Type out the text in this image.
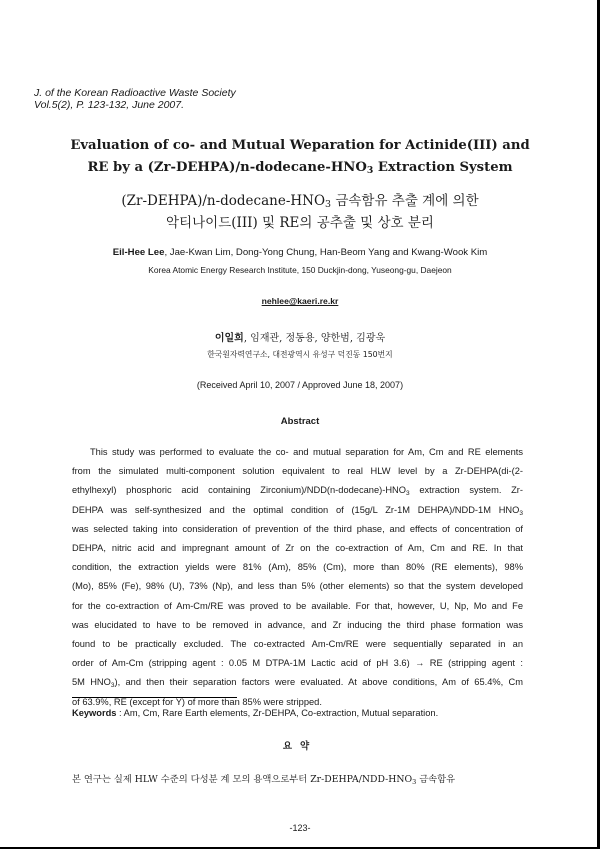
J. of the Korean Radioactive Waste Society
Vol.5(2), P. 123-132, June 2007.
Evaluation of co- and Mutual Weparation for Actinide(III) and
RE by a $(Zr-DEHPA)/n-dodecane-HNO_3$ Extraction System
$(Zr-DEHPA)/n-dodecane-HNO_3$ 금속함유 추출 계에 의한
악티나이드(III) 및 RE의 공추출 및 상호 분리
Eil-Hee Lee, Jae-Kwan Lim, Dong-Yong Chung, Han-Beom Yang and Kwang-Wook Kim
Korea Atomic Energy Research Institute, 150 Duckjin-dong, Yuseong-gu, Daejeon
nehlee@kaeri.re.kr
이일희, 임재관, 정동용, 양한범, 김광욱
한국원자력연구소, 대전광역시 유성구 덕진동 150번지
(Received April 10, 2007 / Approved June 18, 2007)
Abstract
This study was performed to evaluate the co- and mutual separation for Am, Cm and RE elements
from the simulated multi-component solution equivalent to real HLW level by a Zr-DEHPA(di-(2-
ethylhexyl) phosphoric acid containing $Zirconium)/NDD(n-dodecane)-HNO_3$ extraction system. Zr-
DEHPA was self-synthesized and the optimal condition of (15g/L Zr-1M DEHPA)/NDD-1M $HNO_3$
was selected taking into consideration of prevention of the third phase, and effects of concentration of
DEHPA, nitric acid and impregnant amount of Zr on the co-extraction of Am, Cm and RE. In that
condition, the extraction yields were 81% (Am), 85% (Cm), more than 80% (RE elements), 98%
(Mo), 85% (Fe), 98% (U), 73% (Np), and less than 5% (other elements) so that the system developed
for the co-extraction of Am-Cm/RE was proved to be available. For that, however, U, Np, Mo and Fe
was elucidated to have to be removed in advance, and Zr inducing the third phase formation was
found to be practically excluded. The co-extracted Am-Cm/RE were sequentially separated in an
order of Am-Cm (stripping agent : 0.05 M DTPA-1M Lactic acid of pH 3.6) → RE (stripping agent :
5M $HNO_3$), and then their separation factors were evaluated. At above conditions, Am of 65.4%, Cm
of 63.9%, RE (except for Y) of more than 85% were stripped.
Keywords : Am, Cm, Rare Earth elements, Zr-DEHPA, Co-extraction, Mutual separation.
요약
본 연구는 실제 HLW 수준의 다성분 계 모의 용액으로부터 $Zr-DEHPA/NDD-HNO_3$ 금속함유
-123-
